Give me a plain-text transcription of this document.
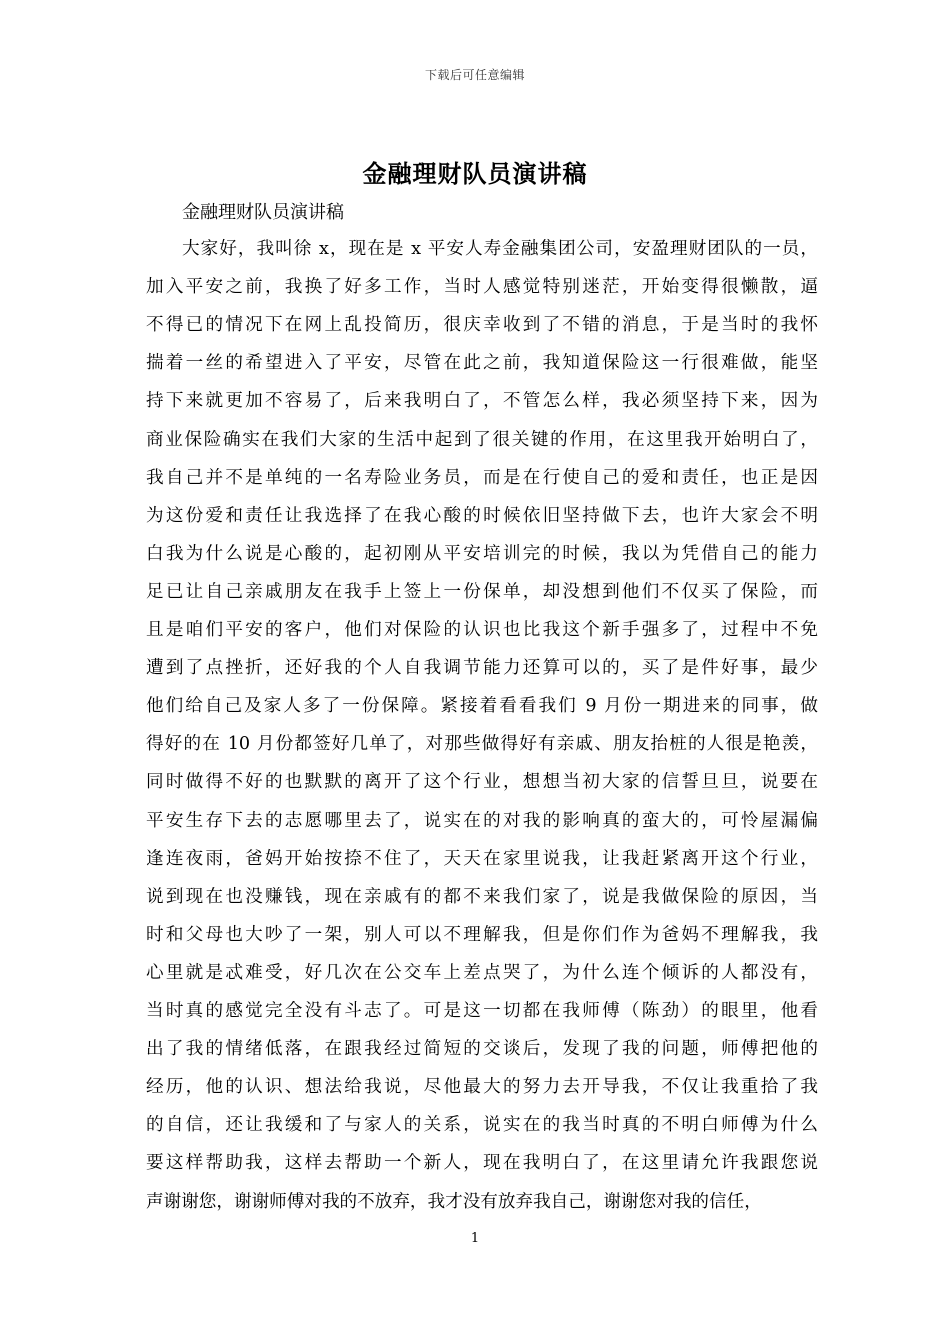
下载后可任意编辑
金融理财队员演讲稿
金融理财队员演讲稿
大家好，我叫徐 x，现在是 x 平安人寿金融集团公司，安盈理财团队的一员，
加入平安之前，我换了好多工作，当时人感觉特别迷茫，开始变得很懒散，逼
不得已的情况下在网上乱投简历，很庆幸收到了不错的消息，于是当时的我怀
揣着一丝的希望进入了平安，尽管在此之前，我知道保险这一行很难做，能坚
持下来就更加不容易了，后来我明白了，不管怎么样，我必须坚持下来，因为
商业保险确实在我们大家的生活中起到了很关键的作用，在这里我开始明白了，
我自己并不是单纯的一名寿险业务员，而是在行使自己的爱和责任，也正是因
为这份爱和责任让我选择了在我心酸的时候依旧坚持做下去，也许大家会不明
白我为什么说是心酸的，起初刚从平安培训完的时候，我以为凭借自己的能力
足已让自己亲戚朋友在我手上签上一份保单，却没想到他们不仅买了保险，而
且是咱们平安的客户，他们对保险的认识也比我这个新手强多了，过程中不免
遭到了点挫折，还好我的个人自我调节能力还算可以的，买了是件好事，最少
他们给自己及家人多了一份保障。紧接着看看我们 9 月份一期进来的同事，做
得好的在 10 月份都签好几单了，对那些做得好有亲戚、朋友抬桩的人很是艳羡，
同时做得不好的也默默的离开了这个行业，想想当初大家的信誓旦旦，说要在
平安生存下去的志愿哪里去了，说实在的对我的影响真的蛮大的，可怜屋漏偏
逢连夜雨，爸妈开始按捺不住了，天天在家里说我，让我赶紧离开这个行业，
说到现在也没赚钱，现在亲戚有的都不来我们家了，说是我做保险的原因，当
时和父母也大吵了一架，别人可以不理解我，但是你们作为爸妈不理解我，我
心里就是忒难受，好几次在公交车上差点哭了，为什么连个倾诉的人都没有，
当时真的感觉完全没有斗志了。可是这一切都在我师傅（陈劲）的眼里，他看
出了我的情绪低落，在跟我经过简短的交谈后，发现了我的问题，师傅把他的
经历，他的认识、想法给我说，尽他最大的努力去开导我，不仅让我重拾了我
的自信，还让我缓和了与家人的关系，说实在的我当时真的不明白师傅为什么
要这样帮助我，这样去帮助一个新人，现在我明白了，在这里请允许我跟您说
声谢谢您，谢谢师傅对我的不放弃，我才没有放弃我自己，谢谢您对我的信任，
1
